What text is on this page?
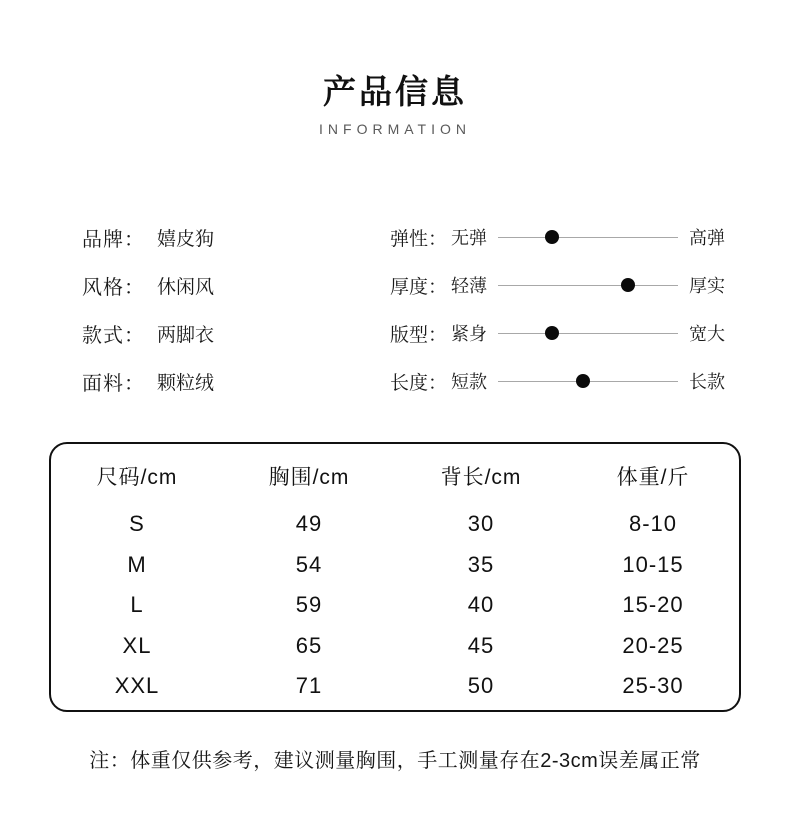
产品信息
INFORMATION
品牌： 嬉皮狗
风格： 休闲风
款式： 两脚衣
面料： 颗粒绒
弹性： 无弹	高弹
厚度： 轻薄	厚实
版型： 紧身	宽大
长度： 短款	长款
尺码/cm	胸围/cm	背长/cm	体重/斤
S	49	30	8-10
M	54	35	10-15
L	59	40	15-20
XL	65	45	20-25
XXL	71	50	25-30
注：体重仅供参考，建议测量胸围，手工测量存在2-3cm误差属正常
